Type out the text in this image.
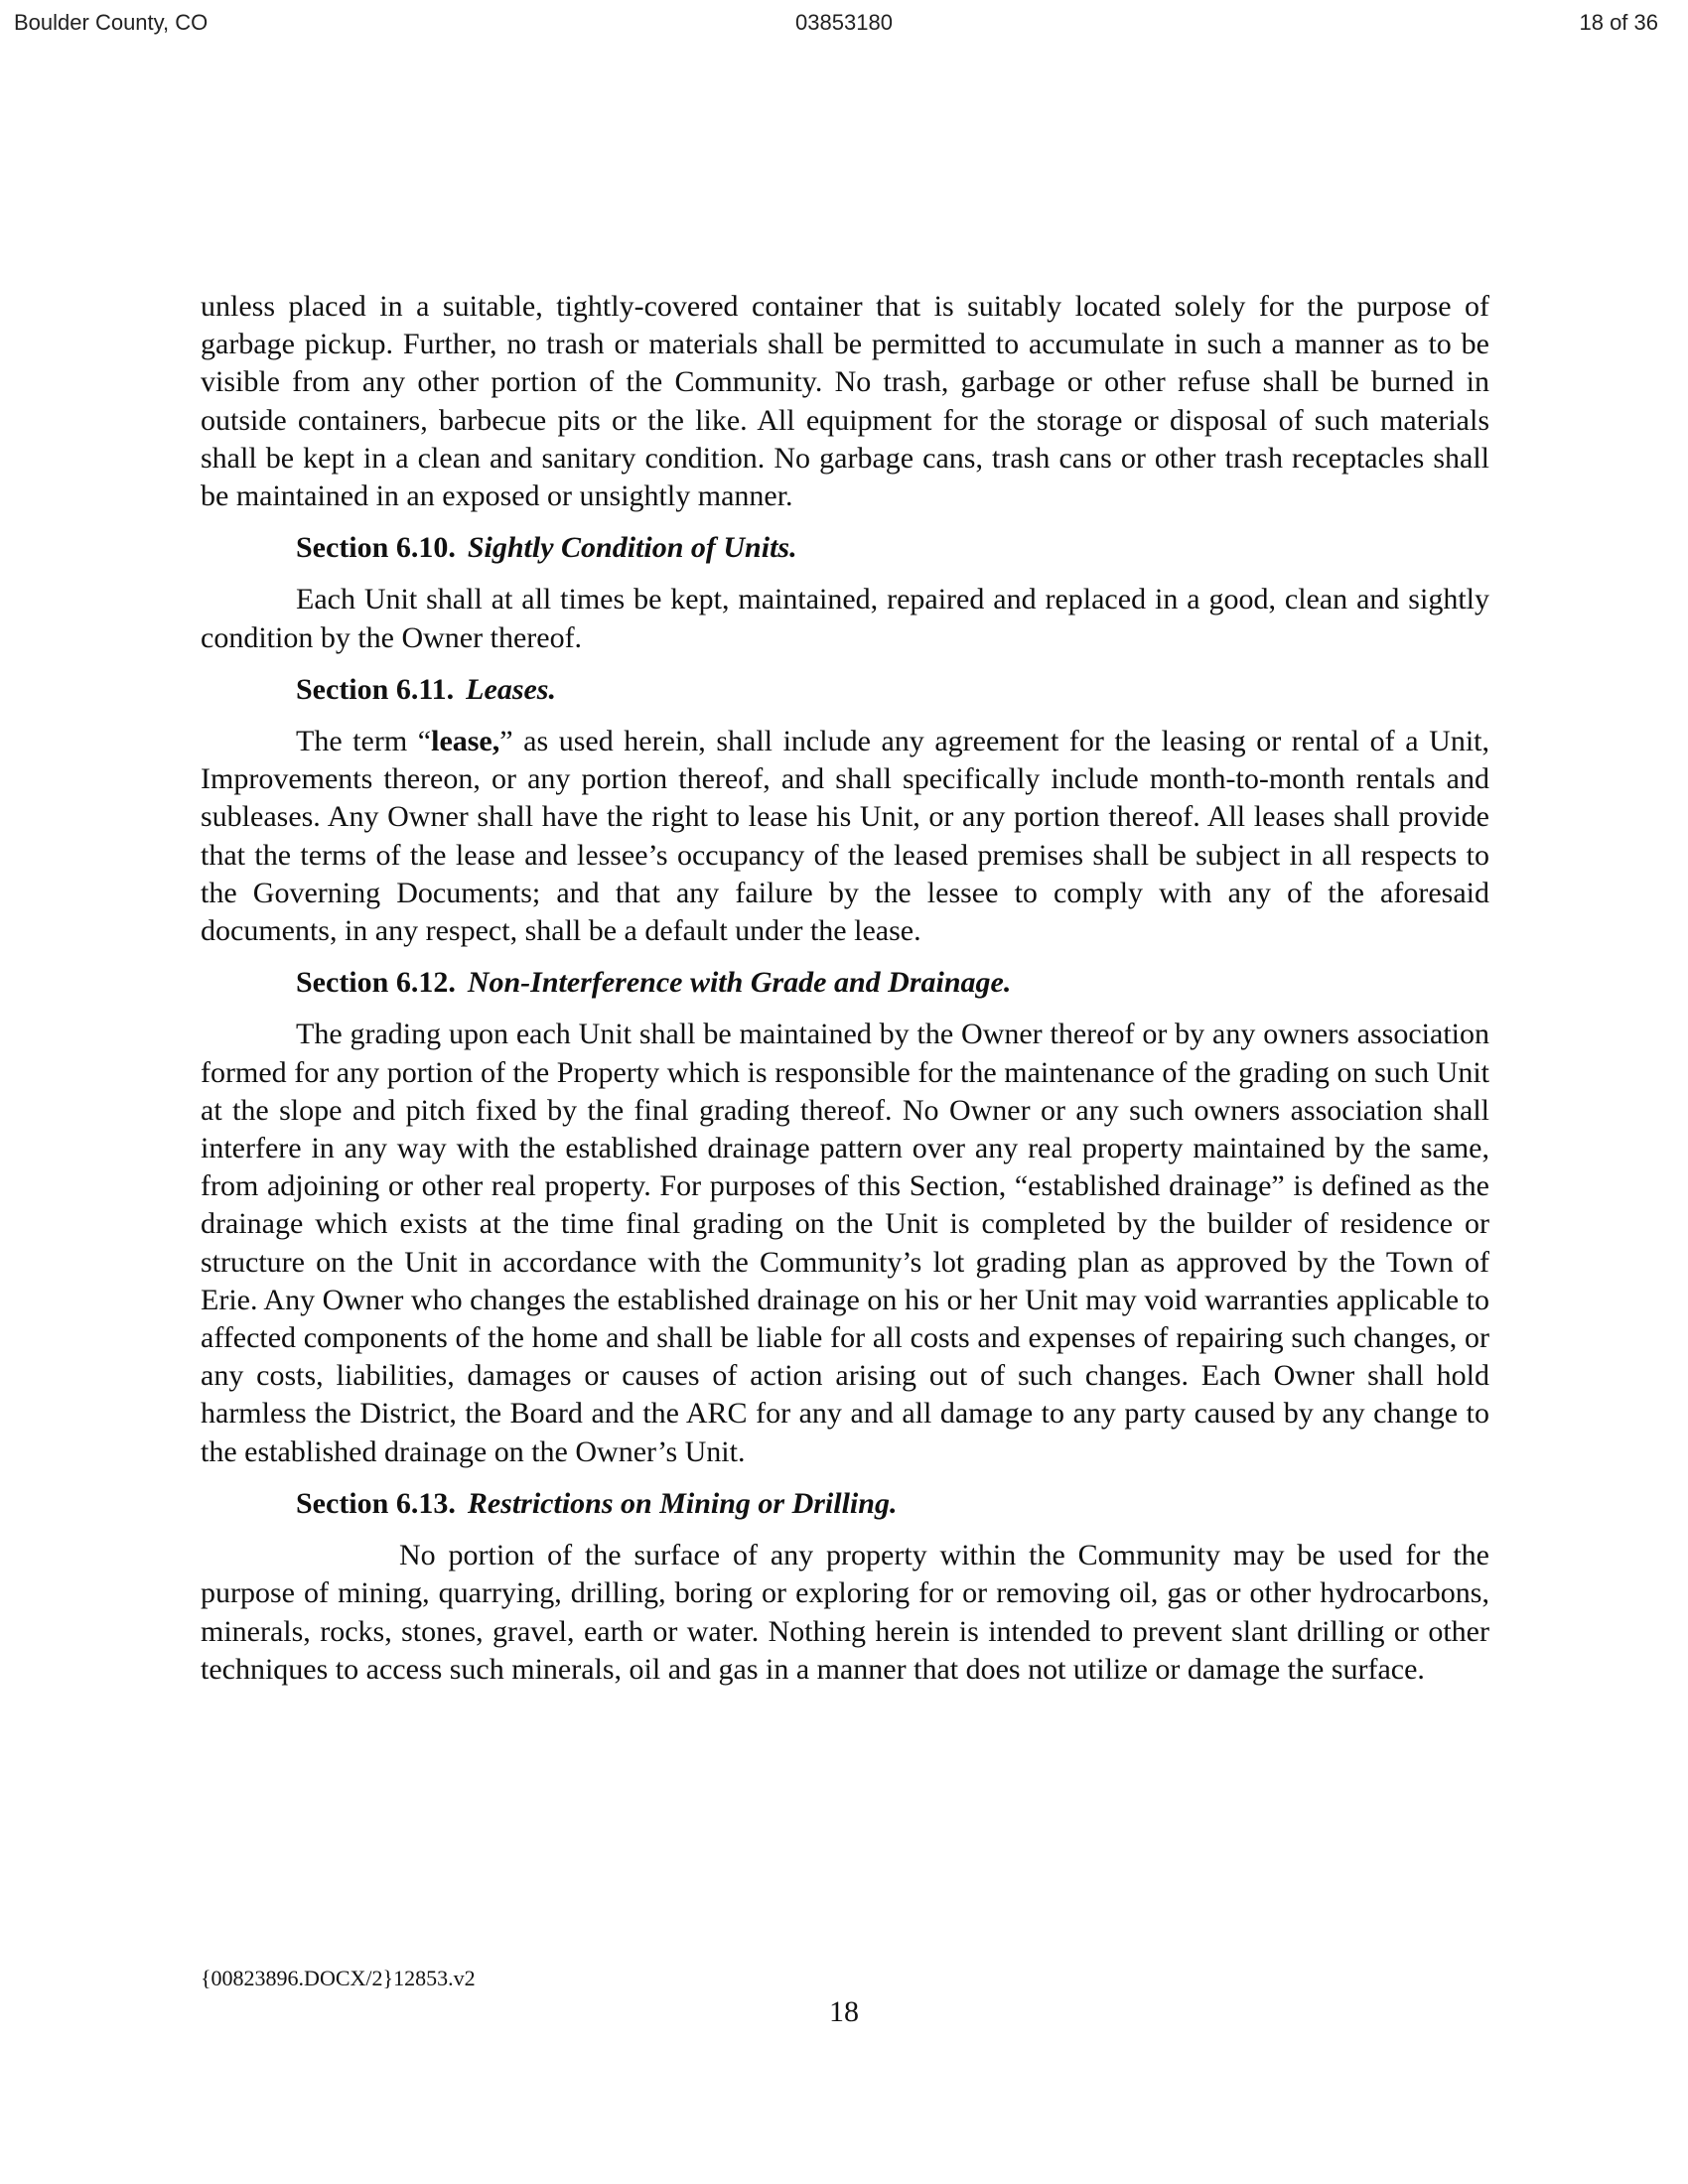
Boulder County, CO	03853180	18 of 36

unless placed in a suitable, tightly-covered container that is suitably located solely for the purpose of garbage pickup. Further, no trash or materials shall be permitted to accumulate in such a manner as to be visible from any other portion of the Community. No trash, garbage or other refuse shall be burned in outside containers, barbecue pits or the like. All equipment for the storage or disposal of such materials shall be kept in a clean and sanitary condition. No garbage cans, trash cans or other trash receptacles shall be maintained in an exposed or unsightly manner.

Section 6.10. Sightly Condition of Units.

Each Unit shall at all times be kept, maintained, repaired and replaced in a good, clean and sightly condition by the Owner thereof.

Section 6.11. Leases.

The term “lease,” as used herein, shall include any agreement for the leasing or rental of a Unit, Improvements thereon, or any portion thereof, and shall specifically include month-to-month rentals and subleases. Any Owner shall have the right to lease his Unit, or any portion thereof. All leases shall provide that the terms of the lease and lessee’s occupancy of the leased premises shall be subject in all respects to the Governing Documents; and that any failure by the lessee to comply with any of the aforesaid documents, in any respect, shall be a default under the lease.

Section 6.12. Non-Interference with Grade and Drainage.

The grading upon each Unit shall be maintained by the Owner thereof or by any owners association formed for any portion of the Property which is responsible for the maintenance of the grading on such Unit at the slope and pitch fixed by the final grading thereof. No Owner or any such owners association shall interfere in any way with the established drainage pattern over any real property maintained by the same, from adjoining or other real property. For purposes of this Section, “established drainage” is defined as the drainage which exists at the time final grading on the Unit is completed by the builder of residence or structure on the Unit in accordance with the Community’s lot grading plan as approved by the Town of Erie. Any Owner who changes the established drainage on his or her Unit may void warranties applicable to affected components of the home and shall be liable for all costs and expenses of repairing such changes, or any costs, liabilities, damages or causes of action arising out of such changes. Each Owner shall hold harmless the District, the Board and the ARC for any and all damage to any party caused by any change to the established drainage on the Owner’s Unit.

Section 6.13. Restrictions on Mining or Drilling.

No portion of the surface of any property within the Community may be used for the purpose of mining, quarrying, drilling, boring or exploring for or removing oil, gas or other hydrocarbons, minerals, rocks, stones, gravel, earth or water. Nothing herein is intended to prevent slant drilling or other techniques to access such minerals, oil and gas in a manner that does not utilize or damage the surface.

{00823896.DOCX/2}12853.v2
18
